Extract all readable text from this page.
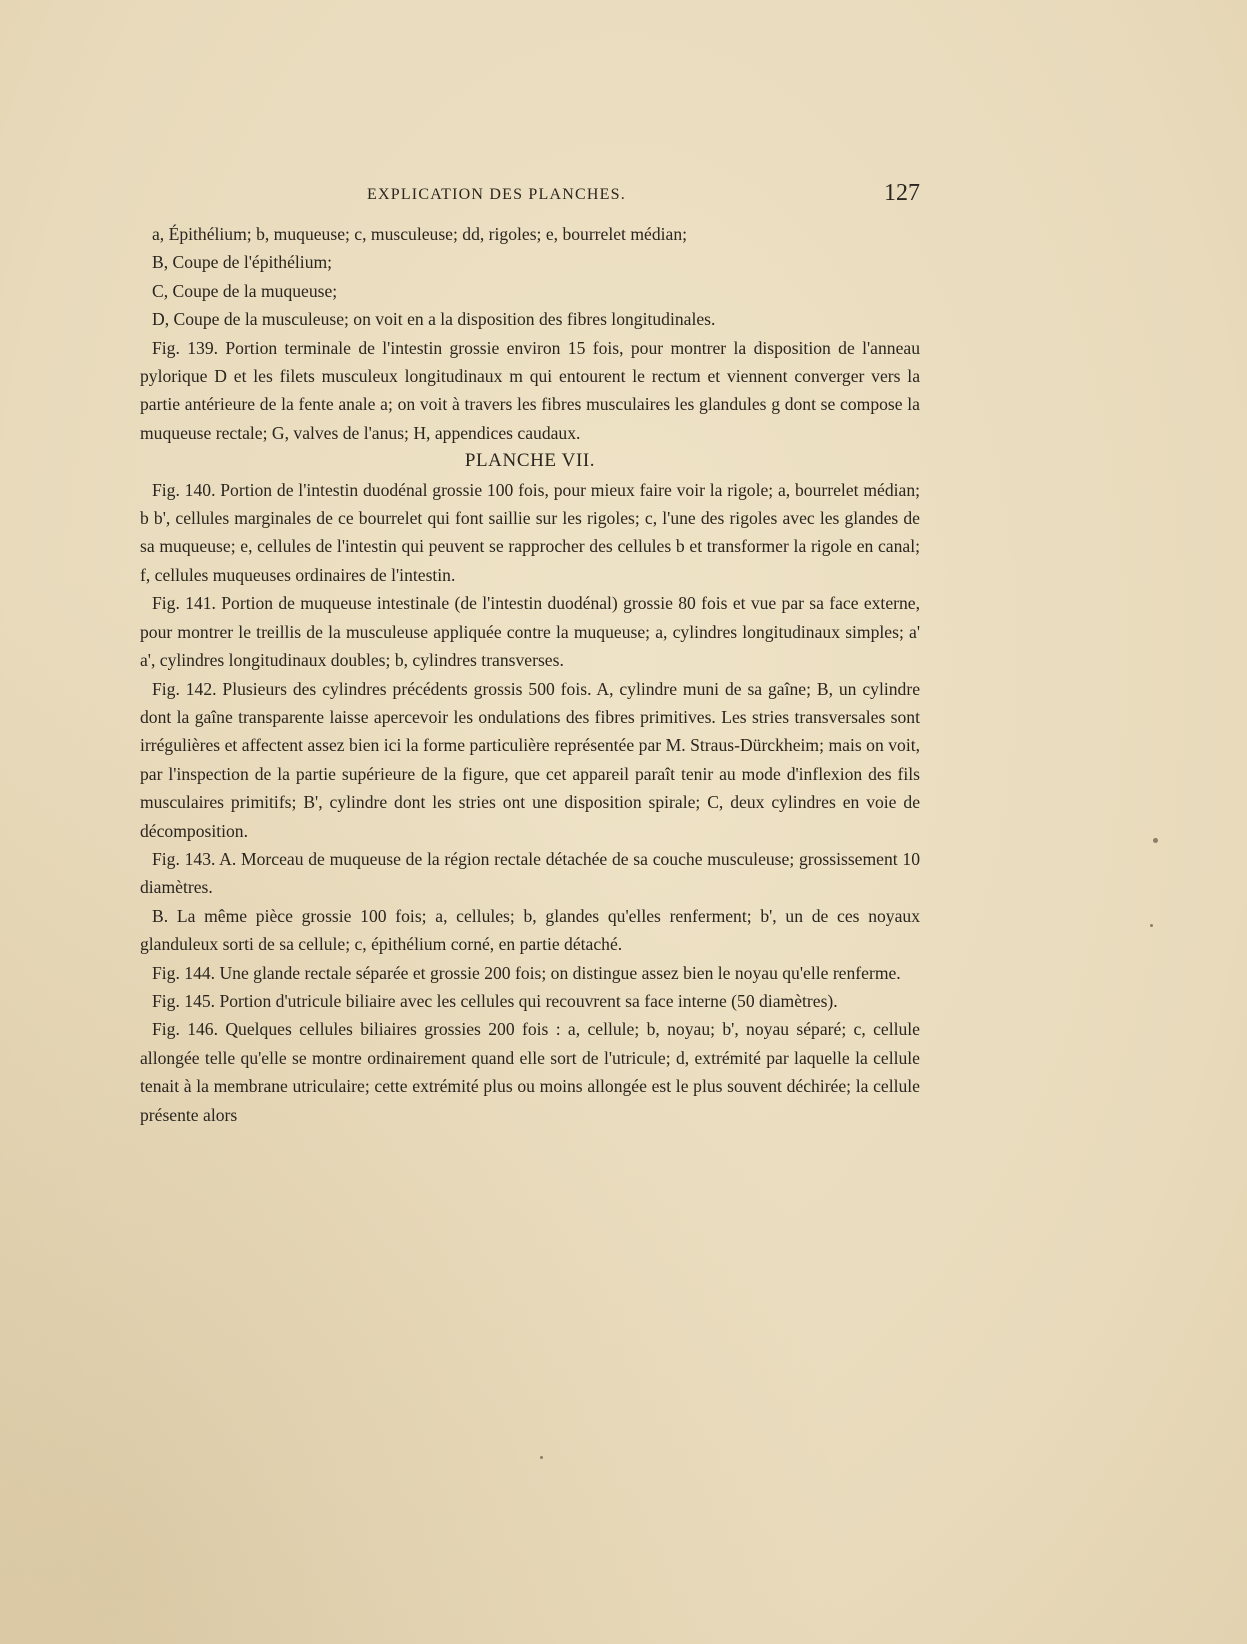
EXPLICATION DES PLANCHES.	127

a, Épithélium; b, muqueuse; c, musculeuse; dd, rigoles; e, bourrelet médian;

B, Coupe de l'épithélium;

C, Coupe de la muqueuse;

D, Coupe de la musculeuse; on voit en a la disposition des fibres longitudinales.

Fig. 139. Portion terminale de l'intestin grossie environ 15 fois, pour montrer la disposition de l'anneau pylorique D et les filets musculeux longitudinaux m qui entourent le rectum et viennent converger vers la partie antérieure de la fente anale a; on voit à travers les fibres musculaires les glandules g dont se compose la muqueuse rectale; G, valves de l'anus; H, appendices caudaux.

PLANCHE VII.

Fig. 140. Portion de l'intestin duodénal grossie 100 fois, pour mieux faire voir la rigole; a, bourrelet médian; b b', cellules marginales de ce bourrelet qui font saillie sur les rigoles; c, l'une des rigoles avec les glandes de sa muqueuse; e, cellules de l'intestin qui peuvent se rapprocher des cellules b et transformer la rigole en canal; f, cellules muqueuses ordinaires de l'intestin.

Fig. 141. Portion de muqueuse intestinale (de l'intestin duodénal) grossie 80 fois et vue par sa face externe, pour montrer le treillis de la musculeuse appliquée contre la muqueuse; a, cylindres longitudinaux simples; a' a', cylindres longitudinaux doubles; b, cylindres transverses.

Fig. 142. Plusieurs des cylindres précédents grossis 500 fois. A, cylindre muni de sa gaîne; B, un cylindre dont la gaîne transparente laisse apercevoir les ondulations des fibres primitives. Les stries transversales sont irrégulières et affectent assez bien ici la forme particulière représentée par M. Straus-Dürckheim; mais on voit, par l'inspection de la partie supérieure de la figure, que cet appareil paraît tenir au mode d'inflexion des fils musculaires primitifs; B', cylindre dont les stries ont une disposition spirale; C, deux cylindres en voie de décomposition.

Fig. 143. A. Morceau de muqueuse de la région rectale détachée de sa couche musculeuse; grossissement 10 diamètres.

B. La même pièce grossie 100 fois; a, cellules; b, glandes qu'elles renferment; b', un de ces noyaux glanduleux sorti de sa cellule; c, épithélium corné, en partie détaché.

Fig. 144. Une glande rectale séparée et grossie 200 fois; on distingue assez bien le noyau qu'elle renferme.

Fig. 145. Portion d'utricule biliaire avec les cellules qui recouvrent sa face interne (50 diamètres).

Fig. 146. Quelques cellules biliaires grossies 200 fois : a, cellule; b, noyau; b', noyau séparé; c, cellule allongée telle qu'elle se montre ordinairement quand elle sort de l'utricule; d, extrémité par laquelle la cellule tenait à la membrane utriculaire; cette extrémité plus ou moins allongée est le plus souvent déchirée; la cellule présente alors
